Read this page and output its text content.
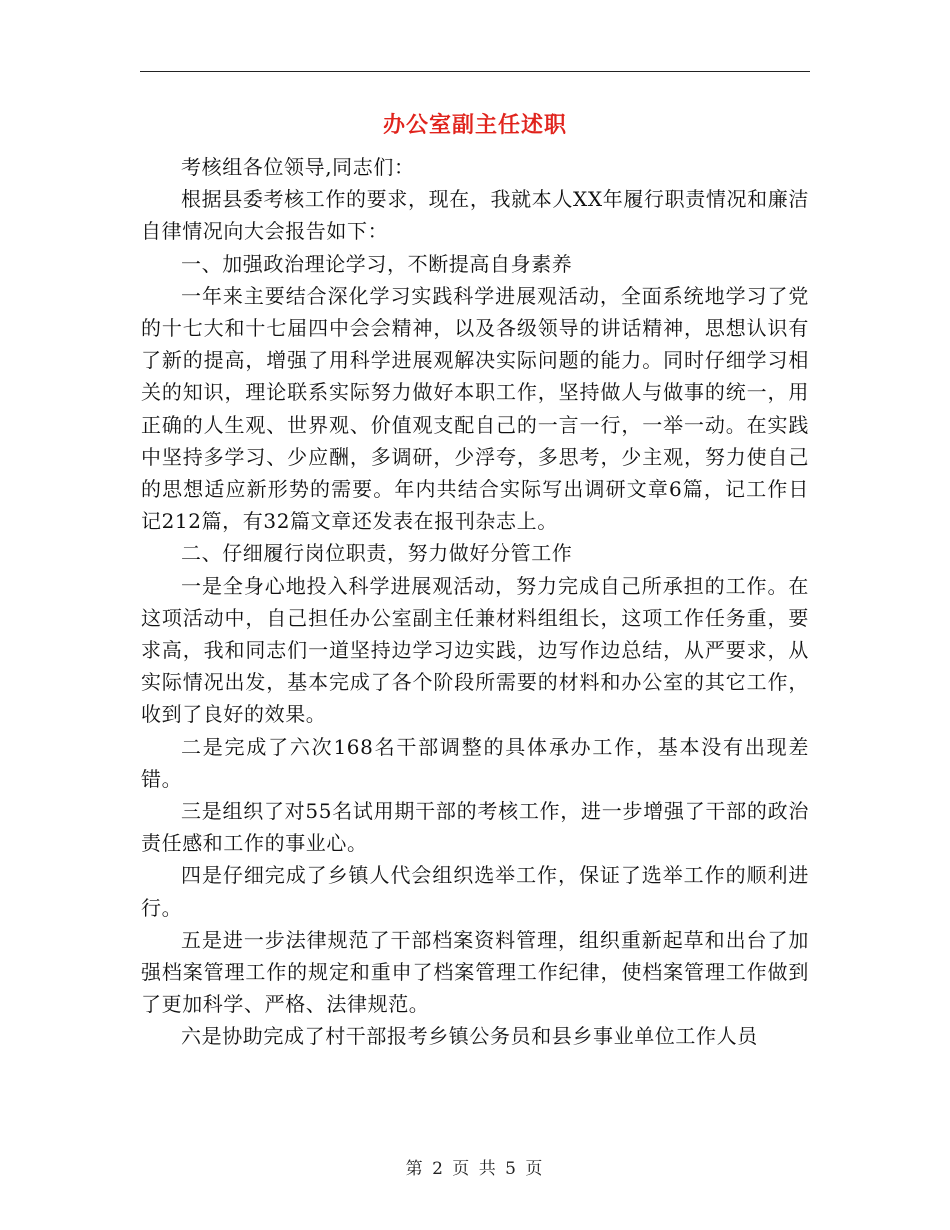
办公室副主任述职

考核组各位领导,同志们：

根据县委考核工作的要求，现在，我就本人XX年履行职责情况和廉洁自律情况向大会报告如下：

一、加强政治理论学习，不断提高自身素养

一年来主要结合深化学习实践科学进展观活动，全面系统地学习了党的十七大和十七届四中会会精神，以及各级领导的讲话精神，思想认识有了新的提高，增强了用科学进展观解决实际问题的能力。同时仔细学习相关的知识，理论联系实际努力做好本职工作，坚持做人与做事的统一，用正确的人生观、世界观、价值观支配自己的一言一行，一举一动。在实践中坚持多学习、少应酬，多调研，少浮夸，多思考，少主观，努力使自己的思想适应新形势的需要。年内共结合实际写出调研文章6篇，记工作日记212篇，有32篇文章还发表在报刊杂志上。

二、仔细履行岗位职责，努力做好分管工作

一是全身心地投入科学进展观活动，努力完成自己所承担的工作。在这项活动中，自己担任办公室副主任兼材料组组长，这项工作任务重，要求高，我和同志们一道坚持边学习边实践，边写作边总结，从严要求，从实际情况出发，基本完成了各个阶段所需要的材料和办公室的其它工作，收到了良好的效果。

二是完成了六次168名干部调整的具体承办工作，基本没有出现差错。

三是组织了对55名试用期干部的考核工作，进一步增强了干部的政治责任感和工作的事业心。

四是仔细完成了乡镇人代会组织选举工作，保证了选举工作的顺利进行。

五是进一步法律规范了干部档案资料管理，组织重新起草和出台了加强档案管理工作的规定和重申了档案管理工作纪律，使档案管理工作做到了更加科学、严格、法律规范。

六是协助完成了村干部报考乡镇公务员和县乡事业单位工作人员

第 2 页 共 5 页
